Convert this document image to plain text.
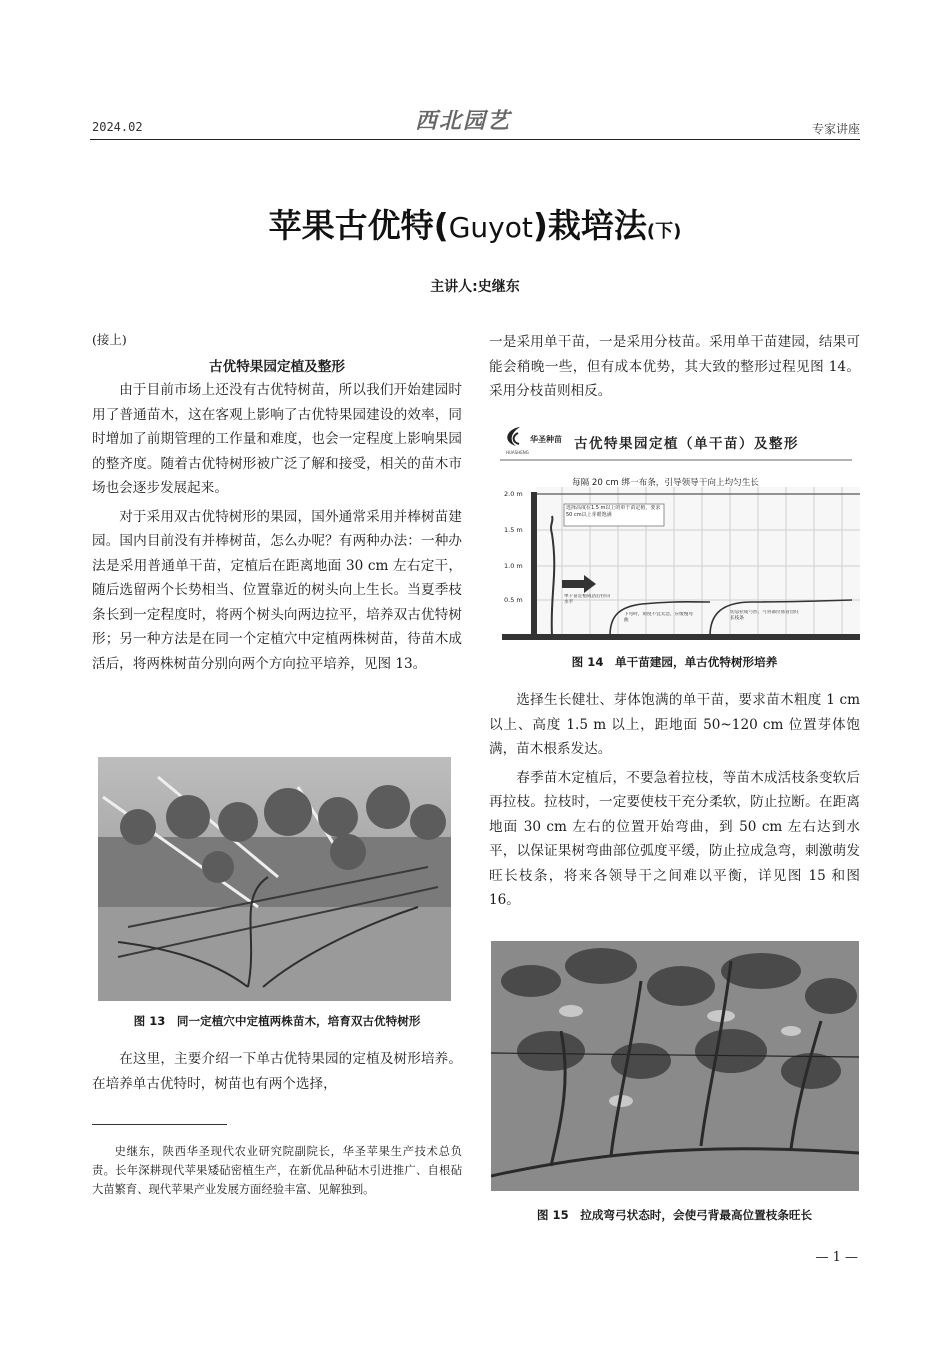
2024.02	西北园艺	专家讲座
苹果古优特(Guyot)栽培法(下)
主讲人:史继东
(接上)
古优特果园定植及整形

由于目前市场上还没有古优特树苗，所以我们开始建园时用了普通苗木，这在客观上影响了古优特果园建设的效率，同时增加了前期管理的工作量和难度，也会一定程度上影响果园的整齐度。随着古优特树形被广泛了解和接受，相关的苗木市场也会逐步发展起来。

对于采用双古优特树形的果园，国外通常采用并棒树苗建园。国内目前没有并棒树苗，怎么办呢？有两种办法：一种办法是采用普通单干苗，定植后在距离地面 30 cm 左右定干，随后选留两个长势相当、位置靠近的树头向上生长。当夏季枝条长到一定程度时，将两个树头向两边拉平，培养双古优特树形；另一种方法是在同一个定植穴中定植两株树苗，待苗木成活后，将两株树苗分别向两个方向拉平培养，见图 13。

图 13　同一定植穴中定植两株苗木，培育双古优特树形

在这里，主要介绍一下单古优特果园的定植及树形培养。在培养单古优特时，树苗也有两个选择，

史继东，陕西华圣现代农业研究院副院长，华圣苹果生产技术总负责。长年深耕现代苹果矮砧密植生产，在新优品种砧木引进推广、自根砧大苗繁育、现代苹果产业发展方面经验丰富、见解独到。

一是采用单干苗，一是采用分枝苗。采用单干苗建园，结果可能会稍晚一些，但有成本优势，其大致的整形过程见图 14。采用分枝苗则相反。

华圣种苗
HUASHENG
古优特果园定植（单干苗）及整形
每隔 20 cm 绑一布条，引导领导干向上均匀生长
2.0 m
1.5 m
1.0 m
0.5 m
选择高度在1.5 m以上的单干苗定植，要求50 cm以上芽眼饱满
单干苗定植成活后拉向水平
下弯时，角度不宜太急，应缓慢弯曲
切忌拉成弓形，弓背部位易冒出旺长枝条
图 14　单干苗建园，单古优特树形培养

选择生长健壮、芽体饱满的单干苗，要求苗木粗度 1 cm 以上、高度 1.5 m 以上，距地面 50~120 cm 位置芽体饱满，苗木根系发达。

春季苗木定植后，不要急着拉枝，等苗木成活枝条变软后再拉枝。拉枝时，一定要使枝干充分柔软，防止拉断。在距离地面 30 cm 左右的位置开始弯曲，到 50 cm 左右达到水平，以保证果树弯曲部位弧度平缓，防止拉成急弯，刺激萌发旺长枝条，将来各领导干之间难以平衡，详见图 15 和图 16。

图 15　拉成弯弓状态时，会使弓背最高位置枝条旺长
— 1 —
